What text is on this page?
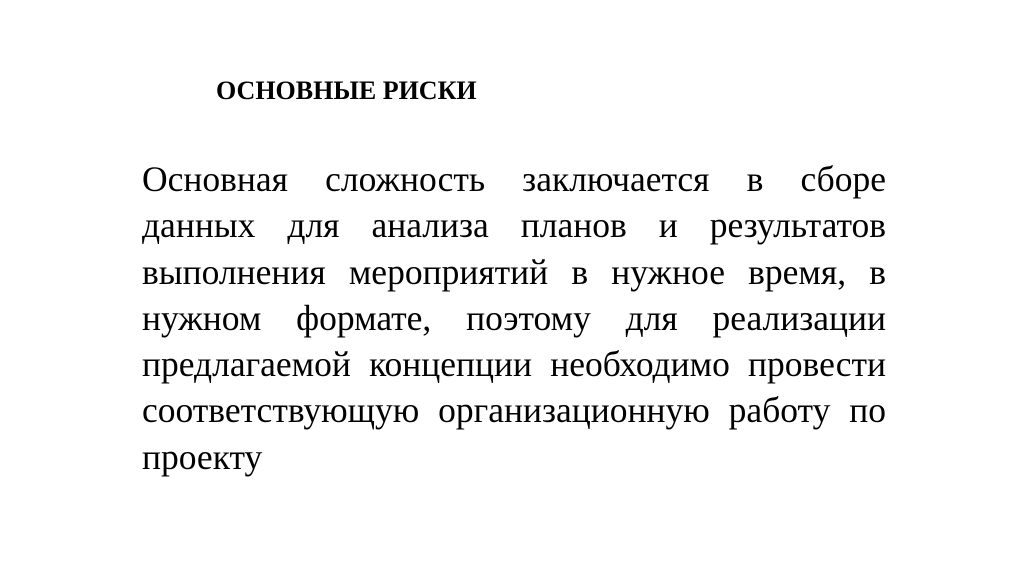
ОСНОВНЫЕ РИСКИ

Основная сложность заключается в сборе данных для анализа планов и результатов выполнения мероприятий в нужное время, в нужном формате, поэтому для реализации предлагаемой концепции необходимо провести соответствующую организационную работу по проекту
